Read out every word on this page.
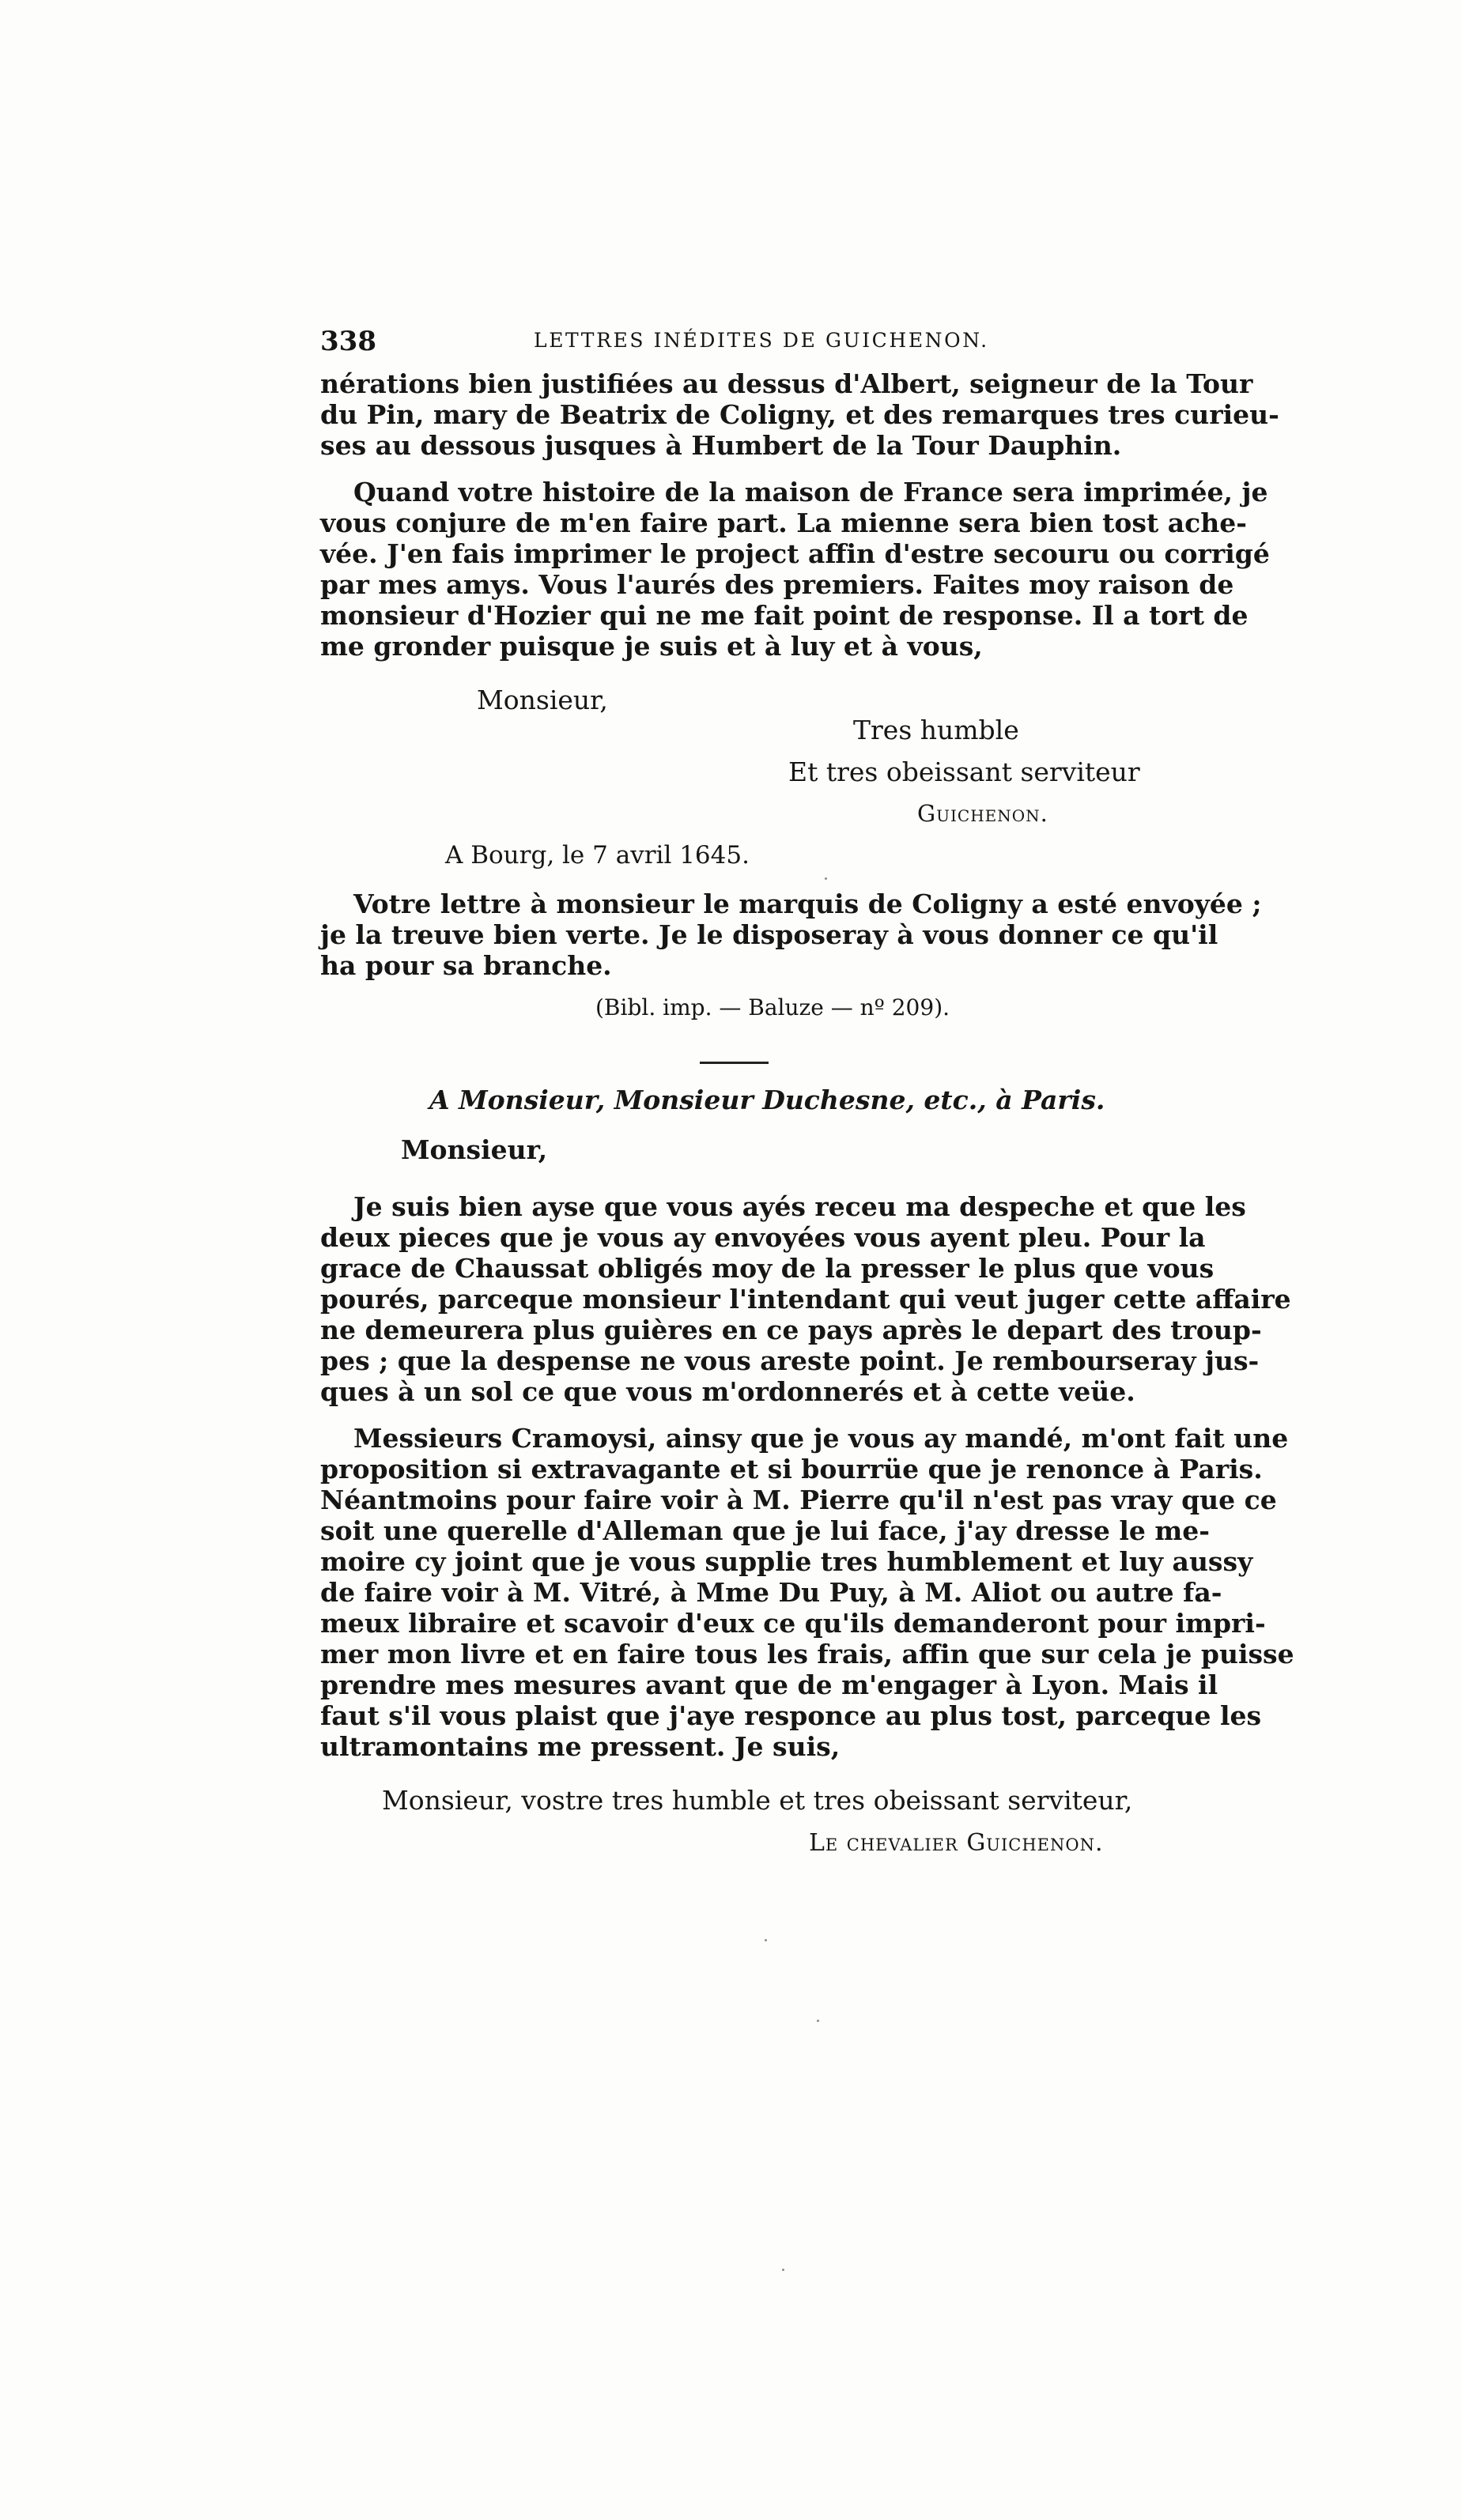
338	LETTRES INÉDITES DE GUICHENON.
nérations bien justifiées au dessus d'Albert, seigneur de la Tour
du Pin, mary de Beatrix de Coligny, et des remarques tres curieu-
ses au dessous jusques à Humbert de la Tour Dauphin.
Quand votre histoire de la maison de France sera imprimée, je
vous conjure de m'en faire part. La mienne sera bien tost ache-
vée. J'en fais imprimer le project affin d'estre secouru ou corrigé
par mes amys. Vous l'aurés des premiers. Faites moy raison de
monsieur d'Hozier qui ne me fait point de response. Il a tort de
me gronder puisque je suis et à luy et à vous,
Monsieur,
Tres humble
Et tres obeissant serviteur
Guichenon.
A Bourg, le 7 avril 1645.
Votre lettre à monsieur le marquis de Coligny a esté envoyée ;
je la treuve bien verte. Je le disposeray à vous donner ce qu'il
ha pour sa branche.
(Bibl. imp. — Baluze — nº 209).
A Monsieur, Monsieur Duchesne, etc., à Paris.
Monsieur,
Je suis bien ayse que vous ayés receu ma despeche et que les
deux pieces que je vous ay envoyées vous ayent pleu. Pour la
grace de Chaussat obligés moy de la presser le plus que vous
pourés, parceque monsieur l'intendant qui veut juger cette affaire
ne demeurera plus guières en ce pays après le depart des troup-
pes ; que la despense ne vous areste point. Je rembourseray jus-
ques à un sol ce que vous m'ordonnerés et à cette veüe.
Messieurs Cramoysi, ainsy que je vous ay mandé, m'ont fait une
proposition si extravagante et si bourrüe que je renonce à Paris.
Néantmoins pour faire voir à M. Pierre qu'il n'est pas vray que ce
soit une querelle d'Alleman que je lui face, j'ay dresse le me-
moire cy joint que je vous supplie tres humblement et luy aussy
de faire voir à M. Vitré, à Mme Du Puy, à M. Aliot ou autre fa-
meux libraire et scavoir d'eux ce qu'ils demanderont pour impri-
mer mon livre et en faire tous les frais, affin que sur cela je puisse
prendre mes mesures avant que de m'engager à Lyon. Mais il
faut s'il vous plaist que j'aye responce au plus tost, parceque les
ultramontains me pressent. Je suis,
Monsieur, vostre tres humble et tres obeissant serviteur,
Le chevalier Guichenon.
